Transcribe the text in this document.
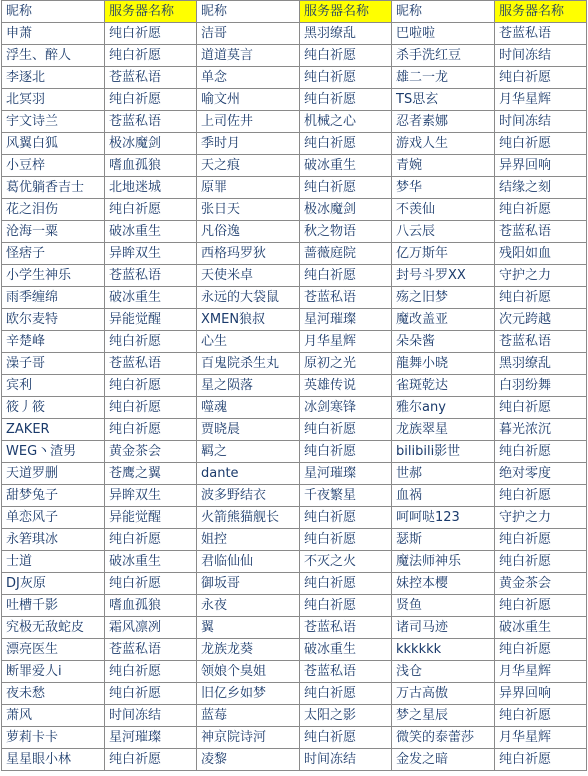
昵称	服务器名称	昵称	服务器名称	昵称	服务器名称
申萧	纯白祈愿	洁哥	黑羽缭乱	巴啦啦	苍蓝私语
浮生、醉人	纯白祈愿	道道莫言	纯白祈愿	杀手洗红豆	时间冻结
李逐北	苍蓝私语	单念	纯白祈愿	雄二一龙	纯白祈愿
北冥羽	纯白祈愿	喻文州	纯白祈愿	TS思玄	月华星辉
宇文诗兰	苍蓝私语	上司佐井	机械之心	忍者素娜	时间冻结
风翼白狐	极冰魔剑	季时月	纯白祈愿	游戏人生	纯白祈愿
小豆梓	嗜血孤狼	天之痕	破冰重生	青婉	异界回响
葛优躺香吉士	北地迷城	原罪	纯白祈愿	梦华	结缘之刻
花之泪伤	纯白祈愿	张日天	极冰魔剑	不羡仙	纯白祈愿
沧海一粟	破冰重生	凡俗逸	秋之物语	八云辰	苍蓝私语
怪痞子	异眸双生	西格玛罗狄	蔷薇庭院	亿万斯年	残阳如血
小学生神乐	苍蓝私语	天使米卓	纯白祈愿	封号斗罗XX	守护之力
雨季缠绵	破冰重生	永远的大袋鼠	苍蓝私语	殇之旧梦	纯白祈愿
欧尔麦特	异能觉醒	XMEN狼叔	星河璀璨	魔改盖亚	次元跨越
辛楚峰	纯白祈愿	心生	月华星辉	朵朵酱	苍蓝私语
澡子哥	苍蓝私语	百鬼院杀生丸	原初之光	龍舞小晓	黑羽缭乱
宾利	纯白祈愿	星之陨落	英雄传说	雀斑乾达	白羽纷舞
筱丿筱	纯白祈愿	噬魂	冰剑寒锋	雅尔any	纯白祈愿
ZAKER	纯白祈愿	贾晓晨	纯白祈愿	龙族翠星	暮光浓沉
WEG丶渣男	黄金茶会	羁之	纯白祈愿	bilibili影世	纯白祈愿
天道罗删	苍鹰之翼	dante	星河璀璨	世郝	绝对零度
甜梦兔子	异眸双生	波多野结衣	千夜繁星	血祸	纯白祈愿
单恋风子	异能觉醒	火箭熊猫舰长	纯白祈愿	呵呵哒123	守护之力
永箬琪冰	纯白祈愿	姐控	纯白祈愿	瑟斯	纯白祈愿
士道	破冰重生	君临仙仙	不灭之火	魔法师神乐	纯白祈愿
DJ灰原	纯白祈愿	御坂哥	纯白祈愿	妹控本樱	黄金茶会
吐槽千影	嗜血孤狼	永夜	纯白祈愿	贤鱼	纯白祈愿
究极无敌蛇皮	霜风凛冽	翼	苍蓝私语	诸司马迹	破冰重生
漂亮医生	苍蓝私语	龙族龙葵	破冰重生	kkkkkk	纯白祈愿
断罪爱人i	纯白祈愿	领娘个臭姐	苍蓝私语	浅仓	月华星辉
夜未愁	纯白祈愿	旧亿乡如梦	纯白祈愿	万古高傲	异界回响
萧风	时间冻结	蓝莓	太阳之影	梦之星辰	纯白祈愿
萝莉卡卡	星河璀璨	神京院诗河	纯白祈愿	微笑的泰蕾莎	月华星辉
星星眼小林	纯白祈愿	凌黎	时间冻结	金发之暗	纯白祈愿
